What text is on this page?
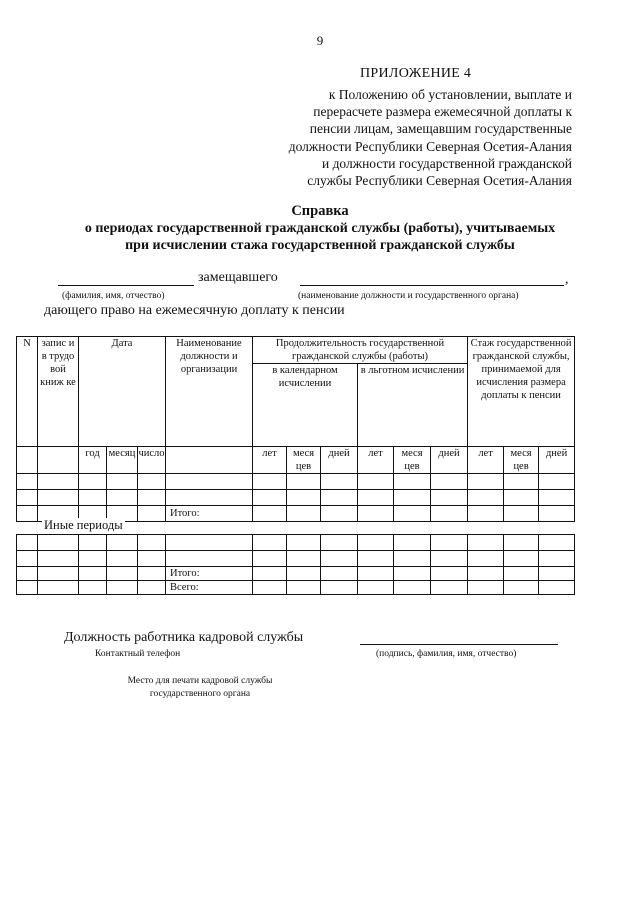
9
ПРИЛОЖЕНИЕ 4
к Положению об установлении, выплате и
перерасчете размера ежемесячной доплаты к
пенсии лицам, замещавшим государственные
должности Республики Северная Осетия-Алания
и должности государственной гражданской
службы Республики Северная Осетия-Алания
Справка
о периодах государственной гражданской службы (работы), учитываемых
при исчислении стажа государственной гражданской службы
замещавшего	,
(фамилия, имя, отчество)	(наименование должности и государственного органа)
дающего право на ежемесячную доплату к пенсии
N	запис и в трудо вой книж ке	Дата			Наименование должности и организации	Продолжительность государственной гражданской службы (работы)						Стаж государственной гражданской службы, принимаемой для исчисления размера доплаты к пенсии		
						в календарном исчислении			в льготном исчислении					
		год	месяц	число		лет	меся цев	дней	лет	меся цев	дней	лет	меся цев	дней

					Итого:									
Иные периоды

					Итого:									
					Всего:									
Должность работника кадровой службы
Контактный телефон	(подпись, фамилия, имя, отчество)
Место для печати кадровой службы
государственного органа
